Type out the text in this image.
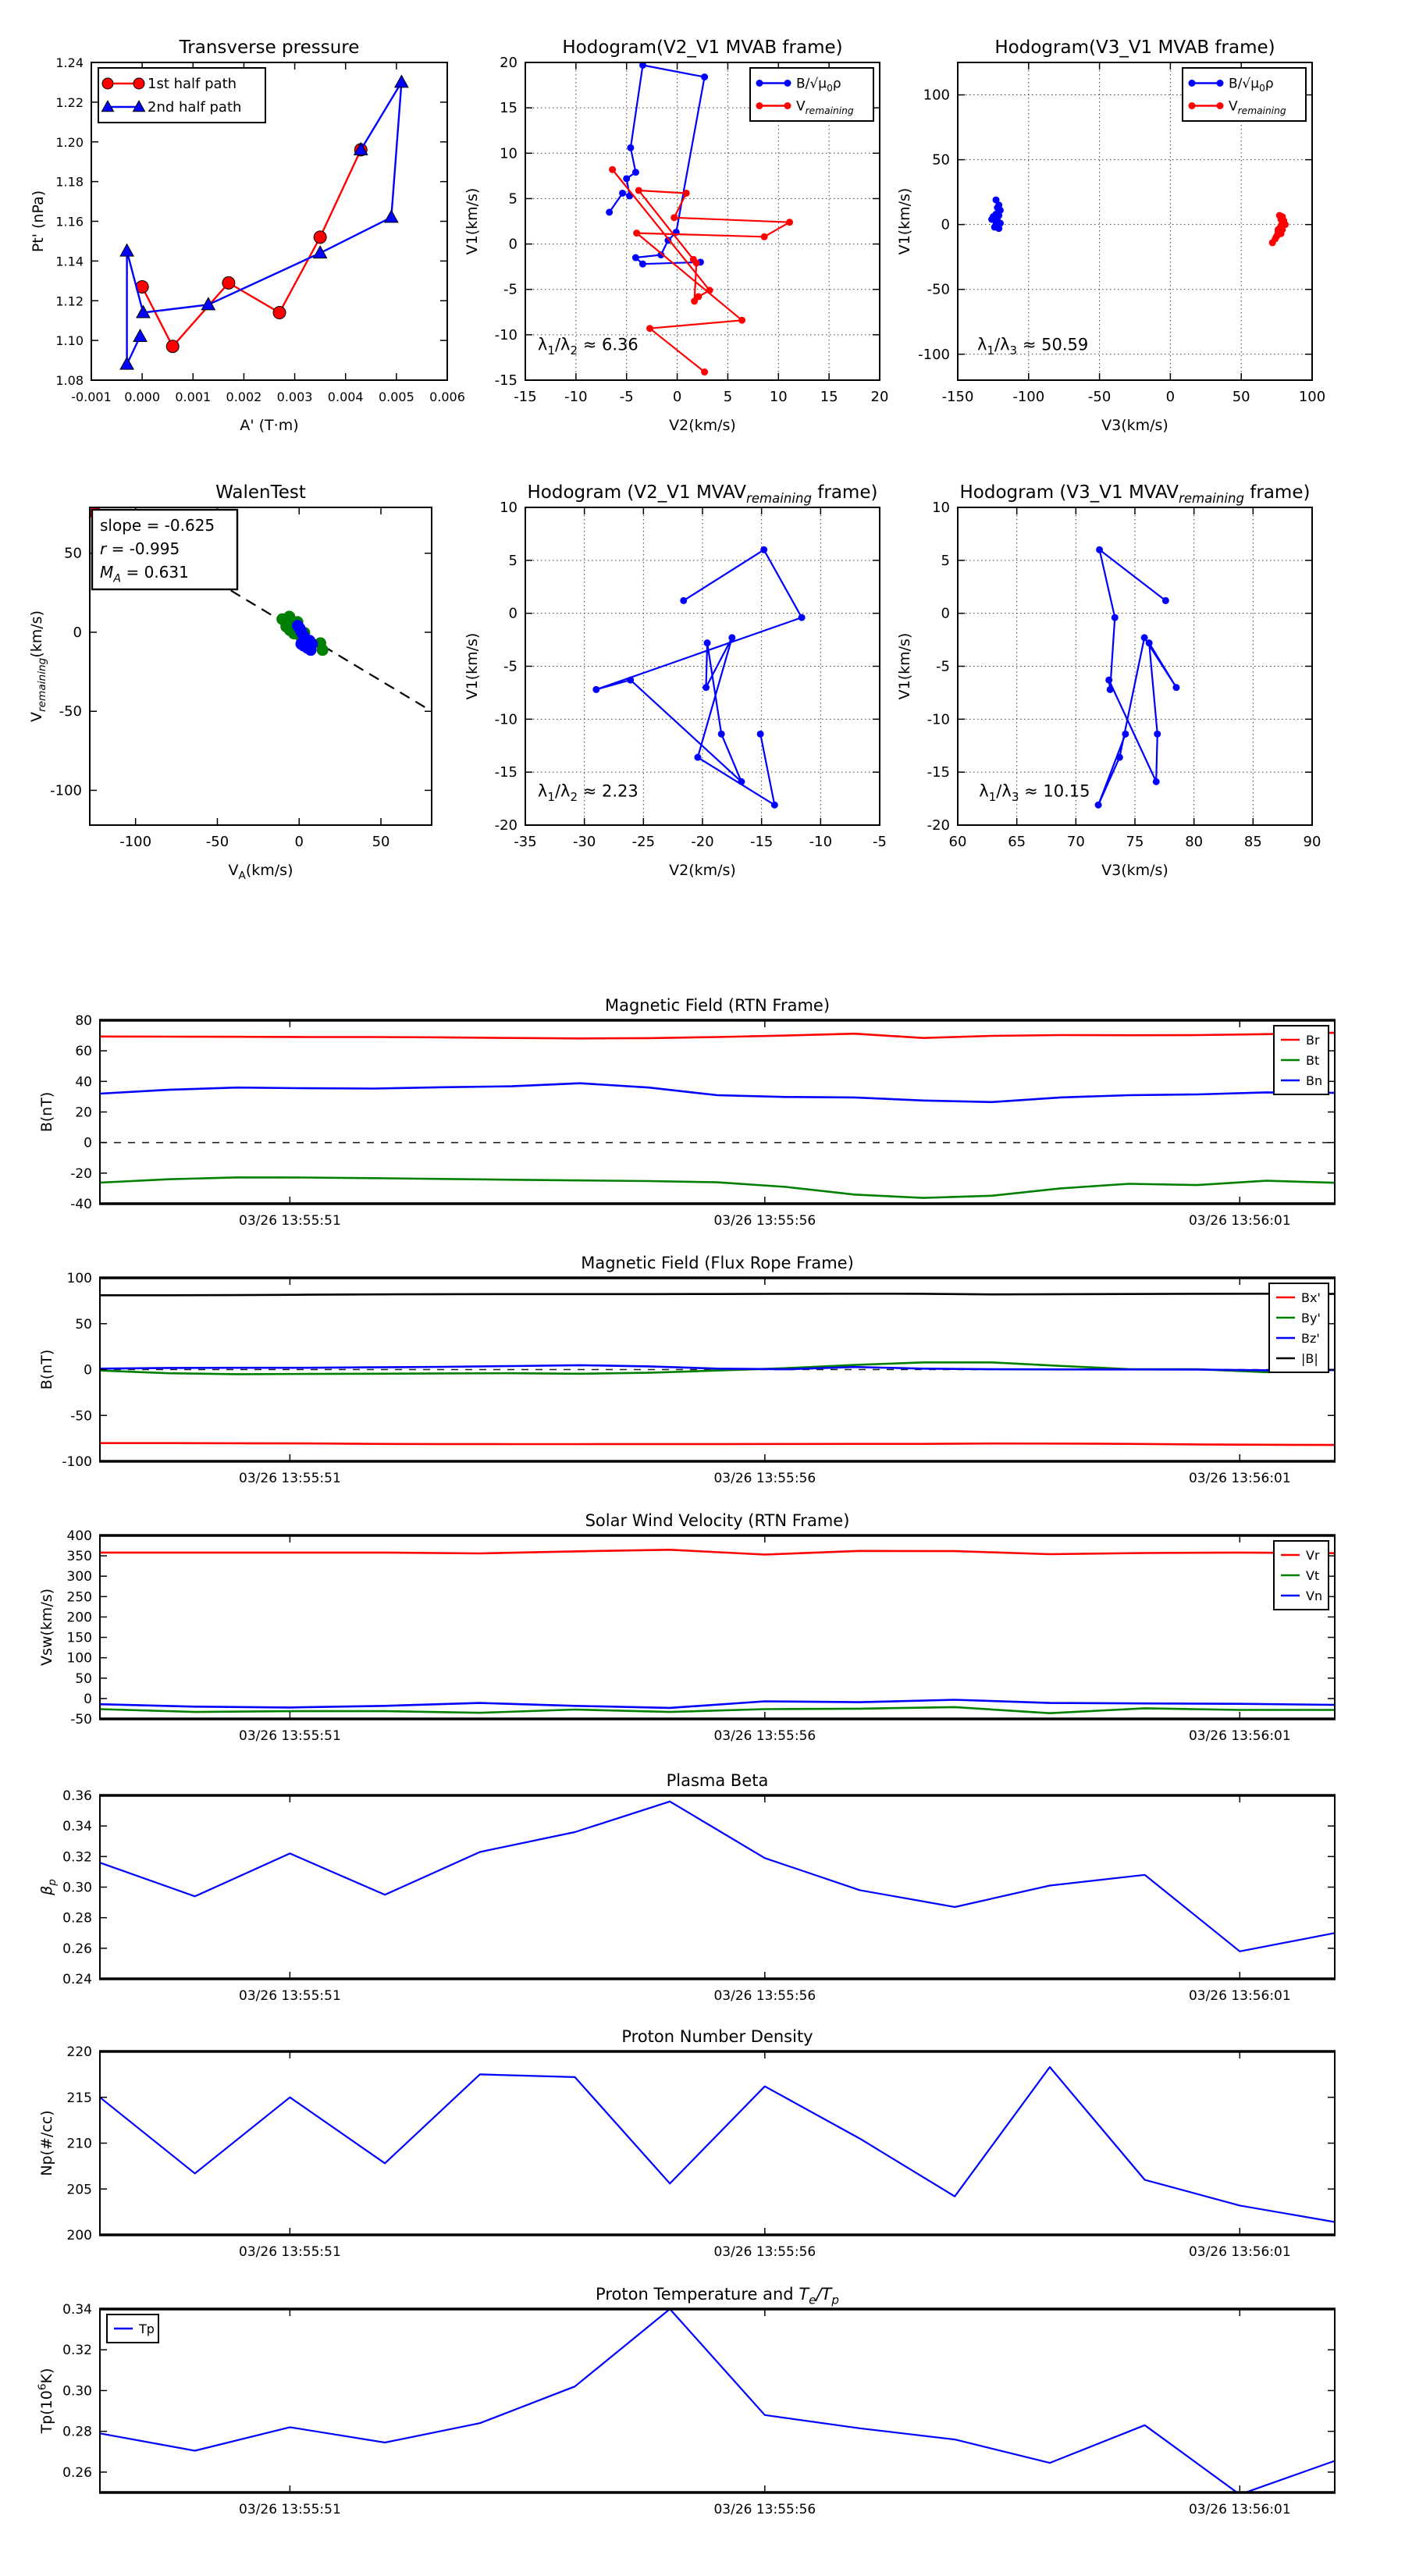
-0.001 0.000 0.001 0.002 0.003 0.004 0.005 0.006
1.08
1.10
1.12
1.14
1.16
1.18
1.20
1.22
1.24
Transverse pressure
A' (T·m)
Pt' (nPa)
1st half path
2nd half path
-15 -10 -5	0	5	10 15 20
-15
-10
-5
0
5
10
15
20
Hodogram(V2_V1 MVAB frame)
V2(km/s)
V1(km/s)
$B/√\mu_0\rho$
$V_{remaining}$
$\lambda_1/\lambda_2 \approx 6.36$
-150	-100	-50	0	50	100
-100
-50
0
50
100
Hodogram(V3_V1 MVAB frame)
V3(km/s)
V1(km/s)
$B/√\mu_0\rho$
$V_{remaining}$
$\lambda_1/\lambda_3 \approx 50.59$
-100	-50	0	50
-100
-50
0
50
WalenTest
$V_A(km/s)$
$V_{remaining}(km/s)$
slope = -0.625
r = -0.995
$M_A = 0.631$
-35	-30	-25	-20	-15	-10	-5
-20
-15
-10
-5
0
5
10
Hodogram (V2_V1 $MVAV_{remaining}$ frame)
V2(km/s)
V1(km/s)
$\lambda_1/\lambda_2 \approx 2.23$
60	65	70	75	80	85	90
-20
-15
-10
-5
0
5
10
Hodogram (V3_V1 $MVAV_{remaining}$ frame)
V3(km/s)
V1(km/s)
$\lambda_1/\lambda_3 \approx 10.15$
03/26 13:55:51	03/26 13:55:56	03/26 13:56:01
-40
-20
0
20
40
60
80
Magnetic Field (RTN Frame)
B(nT)
Br
Bt
Bn
03/26 13:55:51	03/26 13:55:56	03/26 13:56:01
-100
-50
0
50
100
Magnetic Field (Flux Rope Frame)
B(nT)
Bx'
By'
Bz'
|B|
03/26 13:55:51	03/26 13:55:56	03/26 13:56:01
-50
0
50
100
150
200
250
300
350
400
Solar Wind Velocity (RTN Frame)
Vsw(km/s)
Vr
Vt
Vn
03/26 13:55:51	03/26 13:55:56	03/26 13:56:01
0.24
0.26
0.28
0.30
0.32
0.34
0.36
Plasma Beta
$\beta_p$
03/26 13:55:51	03/26 13:55:56	03/26 13:56:01
200
205
210
215
220
Proton Number Density
Np(#/cc)
03/26 13:55:51	03/26 13:55:56	03/26 13:56:01
0.26
0.28
0.30
0.32
0.34
Proton Temperature and $T_e/T_p$
$Tp(10^6K)$
Tp
